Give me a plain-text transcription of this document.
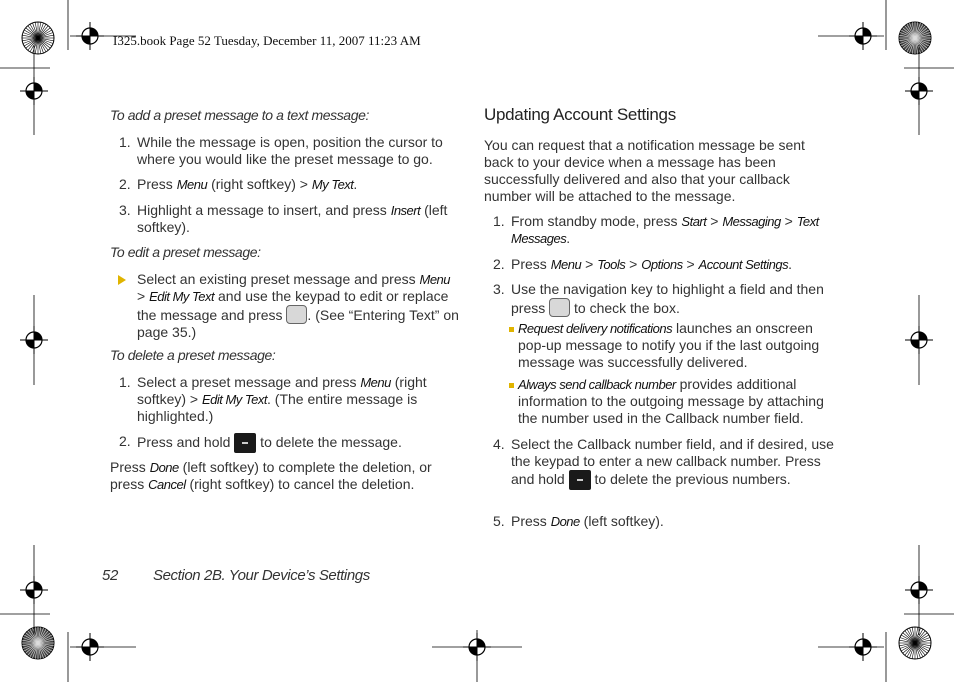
I325.book Page 52 Tuesday, December 11, 2007 11:23 AM
To add a preset message to a text message:
1. While the message is open, position the cursor to where you would like the preset message to go.
2. Press Menu (right softkey) > My Text.
3. Highlight a message to insert, and press Insert (left softkey).
To edit a preset message:
Select an existing preset message and press Menu > Edit My Text and use the keypad to edit or replace the message and press . (See “Entering Text” on page 35.)
To delete a preset message:
1. Select a preset message and press Menu (right softkey) > Edit My Text. (The entire message is highlighted.)
2. Press and hold  to delete the message.
Press Done (left softkey) to complete the deletion, or press Cancel (right softkey) to cancel the deletion.
Updating Account Settings
You can request that a notification message be sent back to your device when a message has been successfully delivered and also that your callback number will be attached to the message.
1. From standby mode, press Start > Messaging > Text Messages.
2. Press Menu > Tools > Options > Account Settings.
3. Use the navigation key to highlight a field and then press  to check the box.
Request delivery notifications launches an onscreen pop-up message to notify you if the last outgoing message was successfully delivered.
Always send callback number provides additional information to the outgoing message by attaching the number used in the Callback number field.
4. Select the Callback number field, and if desired, use the keypad to enter a new callback number. Press and hold  to delete the previous numbers.
5. Press Done (left softkey).
52 Section 2B. Your Device’s Settings
